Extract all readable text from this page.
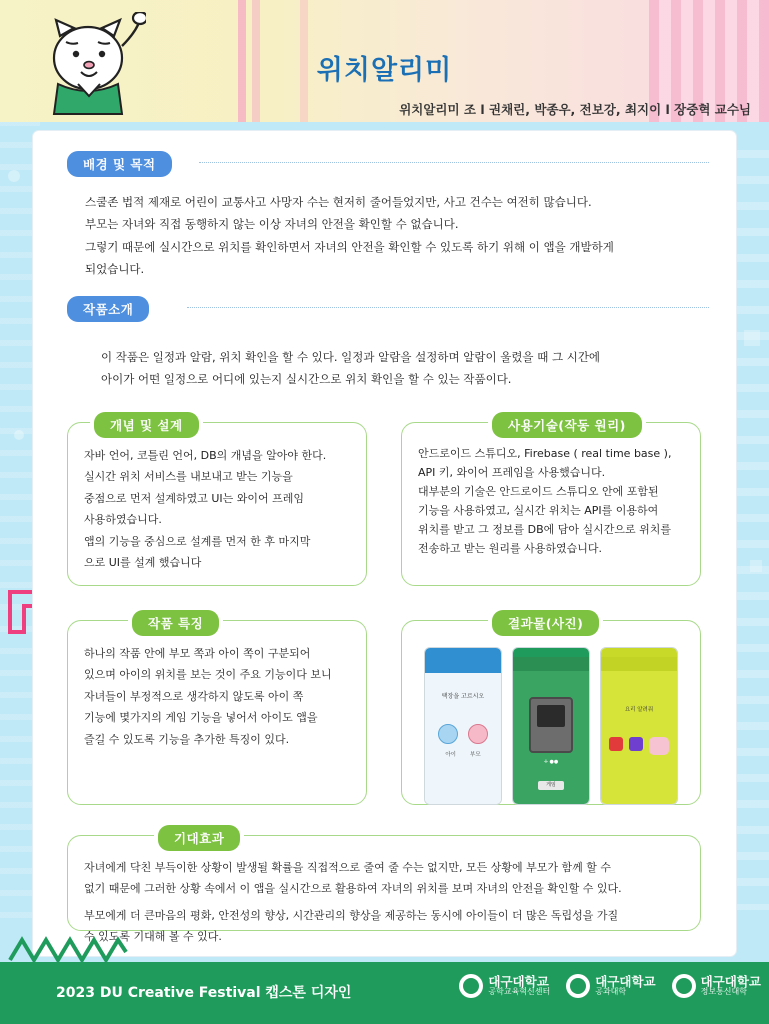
위치알리미
위치알리미 조 l 권채린, 박종우, 전보강, 최지이 l 장중혁 교수님
배경 및 목적
스쿨존 법적 제재로 어린이 교통사고 사망자 수는 현저히 줄어들었지만, 사고 건수는 여전히 많습니다.
부모는 자녀와 직접 동행하지 않는 이상 자녀의 안전을 확인할 수 없습니다.
그렇기 때문에 실시간으로 위치를 확인하면서 자녀의 안전을 확인할 수 있도록 하기 위해 이 앱을 개발하게
되었습니다.
작품소개
이 작품은 일정과 알람, 위치 확인을 할 수 있다. 일정과 알람을 설정하며 알람이 울렸을 때 그 시간에
아이가 어떤 일정으로 어디에 있는지 실시간으로 위치 확인을 할 수 있는 작품이다.
개념 및 설계
자바 언어, 코틀린 언어, DB의 개념을 알아야 한다.
실시간 위치 서비스를 내보내고 받는 기능을
중점으로 먼저 설계하였고 UI는 와이어 프레임
사용하였습니다.
앱의 기능을 중심으로 설계를 먼저 한 후 마지막
으로 UI를 설계 했습니다
사용기술(작동 원리)
안드로이드 스튜디오, Firebase ( real time base ),
API 키, 와이어 프레임을 사용했습니다.
대부분의 기술은 안드로이드 스튜디오 안에 포함된
기능을 사용하였고, 실시간 위치는 API를 이용하여
위치를 받고 그 정보를 DB에 담아 실시간으로 위치를
전송하고 받는 원리를 사용하였습니다.
작품 특징
하나의 작품 안에 부모 쪽과 아이 쪽이 구분되어
있으며 아이의 위치를 보는 것이 주요 기능이다 보니
자녀들이 부정적으로 생각하지 않도록 아이 쪽
기능에 몇가지의 게임 기능을 넣어서 아이도 앱을
즐길 수 있도록 기능을 추가한 특징이 있다.
결과물(사진)
택장을 고르시오
아이	부모
✛ ●●
게임
요리 알려줘
기대효과
자녀에게 닥친 부득이한 상황이 발생될 확률을 직접적으로 줄여 줄 수는 없지만, 모든 상황에 부모가 함께 할 수
없기 때문에 그러한 상황 속에서 이 앱을 실시간으로 활용하여 자녀의 위치를 보며 자녀의 안전을 확인할 수 있다.
부모에게 더 큰마음의 평화, 안전성의 향상, 시간관리의 향상을 제공하는 동시에 아이들이 더 많은 독립성을 가질
수 있도록 기대해 볼 수 있다.
2023 DU Creative Festival 캡스톤 디자인
대구대학교
공학교육혁신센터
대구대학교
공과대학
대구대학교
정보통신대학
